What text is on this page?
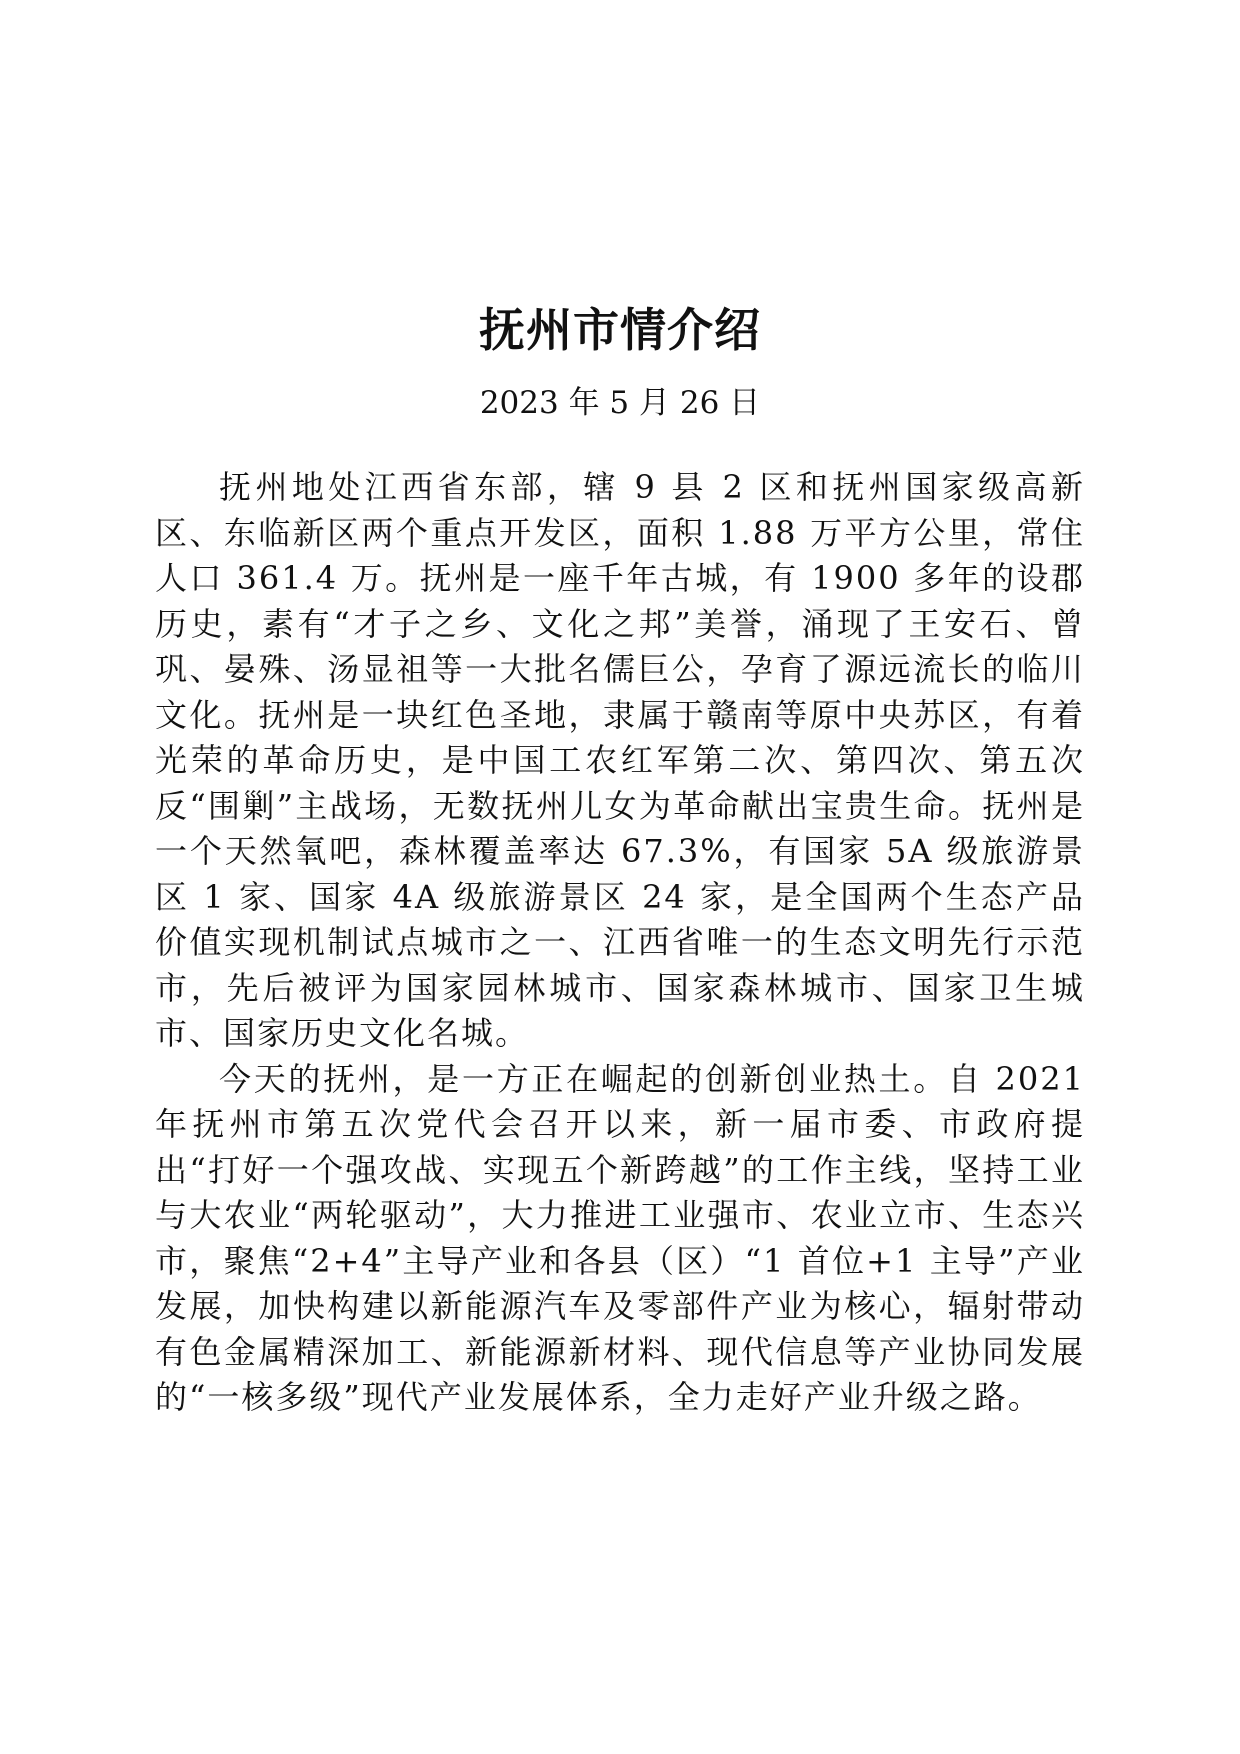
抚州市情介绍
2023 年 5 月 26 日

抚州地处江西省东部，辖 9 县 2 区和抚州国家级高新区、东临新区两个重点开发区，面积 1.88 万平方公里，常住人口 361.4 万。抚州是一座千年古城，有 1900 多年的设郡历史，素有“才子之乡、文化之邦”美誉，涌现了王安石、曾巩、晏殊、汤显祖等一大批名儒巨公，孕育了源远流长的临川文化。抚州是一块红色圣地，隶属于赣南等原中央苏区，有着光荣的革命历史，是中国工农红军第二次、第四次、第五次反“围剿”主战场，无数抚州儿女为革命献出宝贵生命。抚州是一个天然氧吧，森林覆盖率达 67.3%，有国家 5A 级旅游景区 1 家、国家 4A 级旅游景区 24 家，是全国两个生态产品价值实现机制试点城市之一、江西省唯一的生态文明先行示范市，先后被评为国家园林城市、国家森林城市、国家卫生城市、国家历史文化名城。

今天的抚州，是一方正在崛起的创新创业热土。自 2021 年抚州市第五次党代会召开以来，新一届市委、市政府提出“打好一个强攻战、实现五个新跨越”的工作主线，坚持工业与大农业“两轮驱动”，大力推进工业强市、农业立市、生态兴市，聚焦“2+4”主导产业和各县（区）“1 首位+1 主导”产业发展，加快构建以新能源汽车及零部件产业为核心，辐射带动有色金属精深加工、新能源新材料、现代信息等产业协同发展的“一核多级”现代产业发展体系，全力走好产业升级之路。
